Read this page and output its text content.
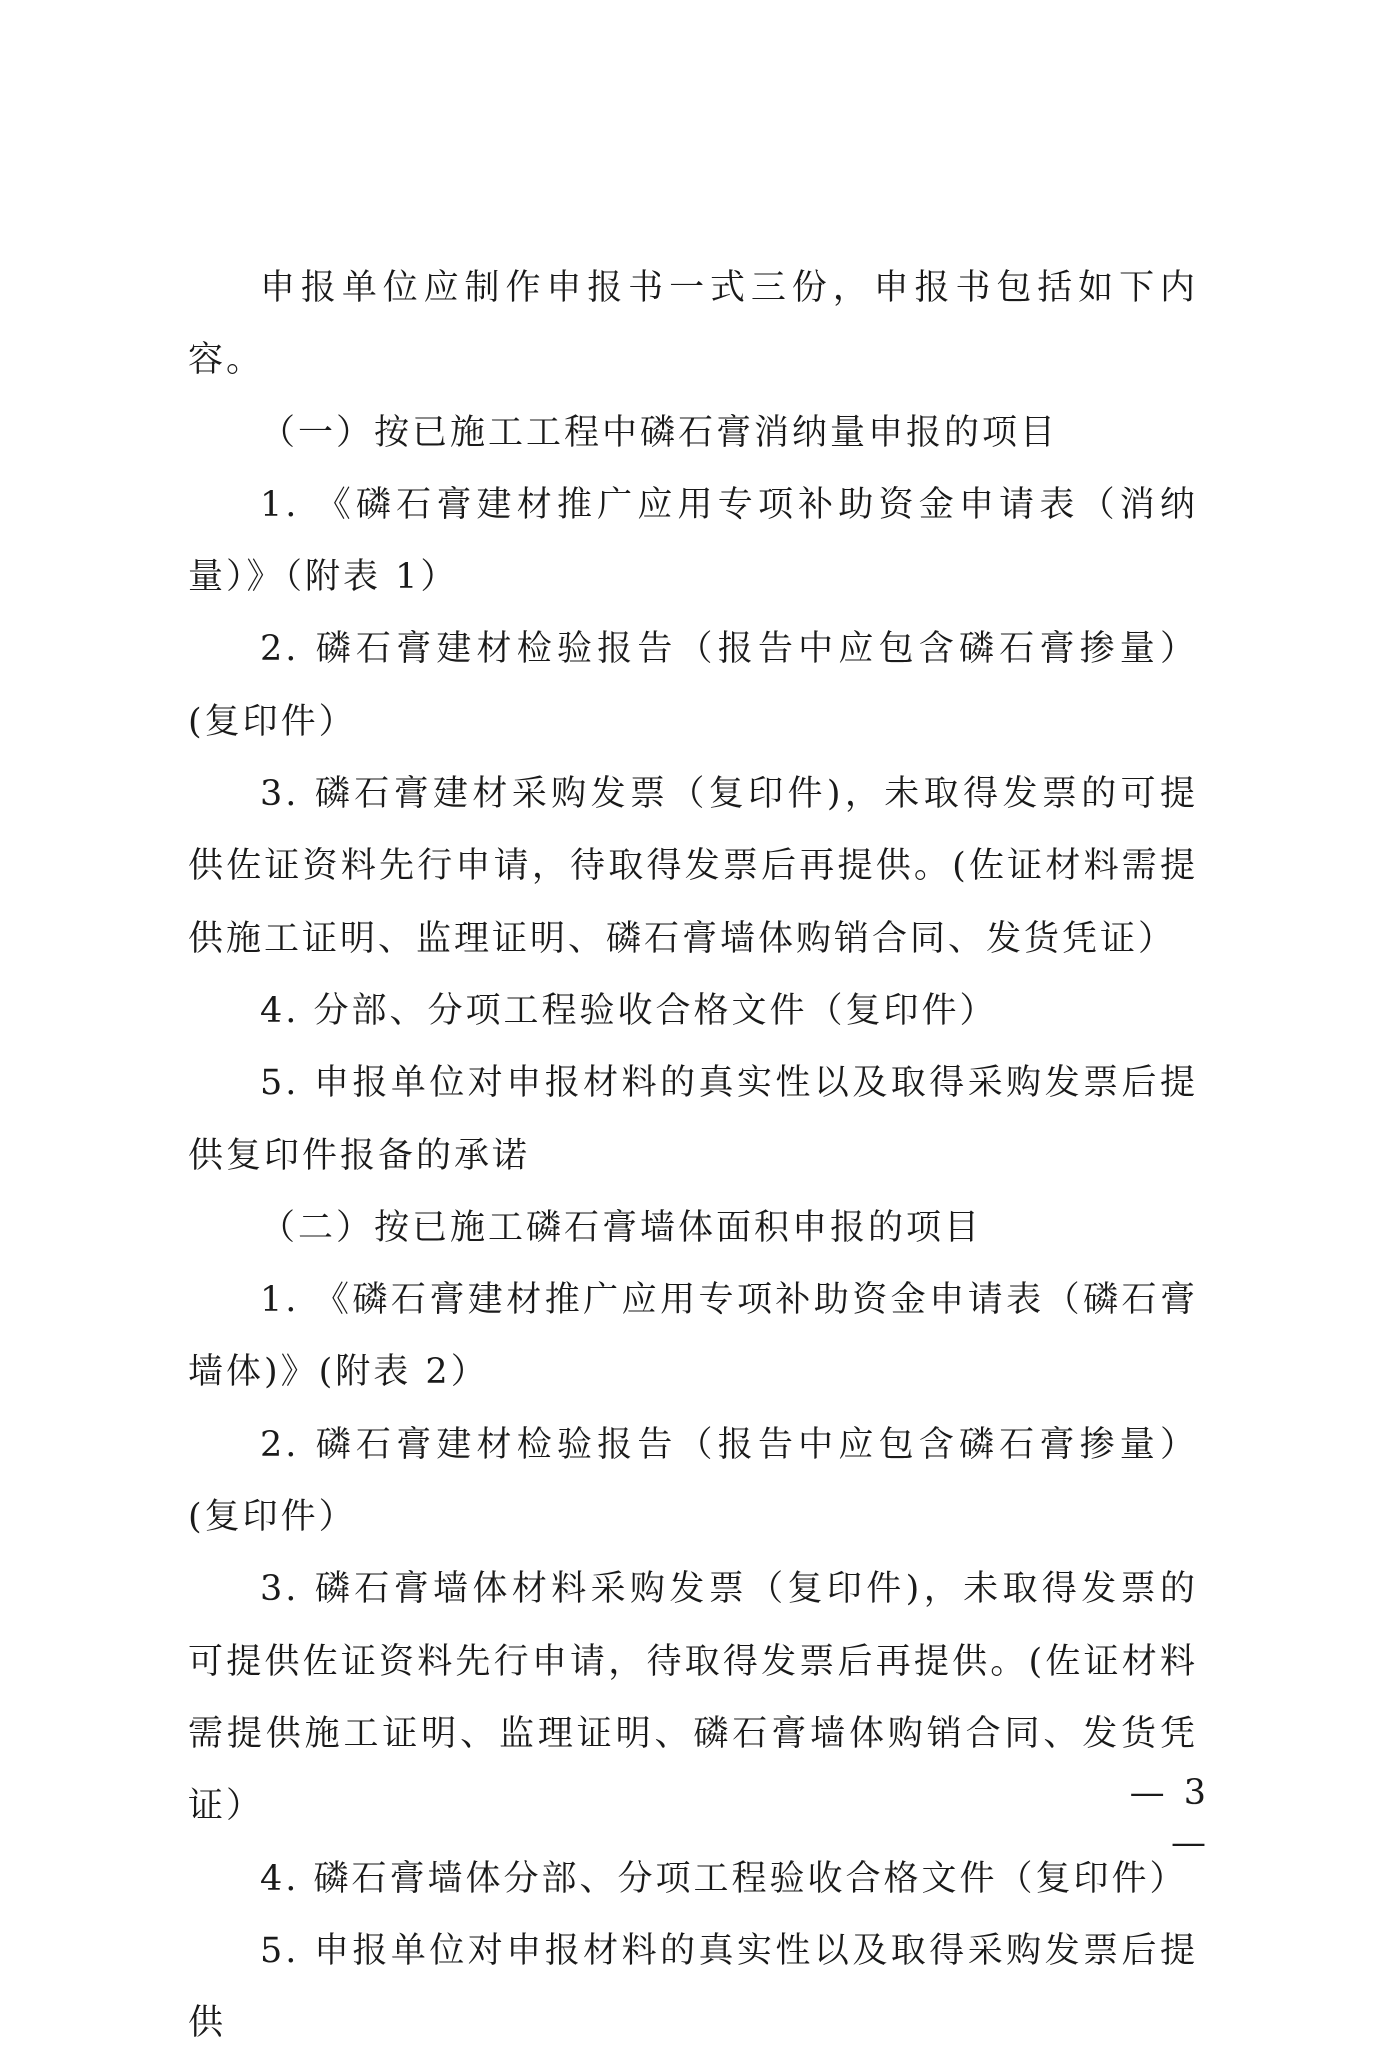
申报单位应制作申报书一式三份，申报书包括如下内容。

（一）按已施工工程中磷石膏消纳量申报的项目

1. 《磷石膏建材推广应用专项补助资金申请表（消纳量）》（附表 1）

2. 磷石膏建材检验报告（报告中应包含磷石膏掺量）(复印件）

3. 磷石膏建材采购发票（复印件)，未取得发票的可提供佐证资料先行申请，待取得发票后再提供。(佐证材料需提供施工证明、监理证明、磷石膏墙体购销合同、发货凭证）

4. 分部、分项工程验收合格文件（复印件）

5. 申报单位对申报材料的真实性以及取得采购发票后提供复印件报备的承诺

（二）按已施工磷石膏墙体面积申报的项目

1. 《磷石膏建材推广应用专项补助资金申请表（磷石膏墙体)》(附表 2）

2. 磷石膏建材检验报告（报告中应包含磷石膏掺量）(复印件）

3. 磷石膏墙体材料采购发票（复印件)，未取得发票的可提供佐证资料先行申请，待取得发票后再提供。(佐证材料需提供施工证明、监理证明、磷石膏墙体购销合同、发货凭证）

4. 磷石膏墙体分部、分项工程验收合格文件（复印件）

5. 申报单位对申报材料的真实性以及取得采购发票后提供

— 3 —
